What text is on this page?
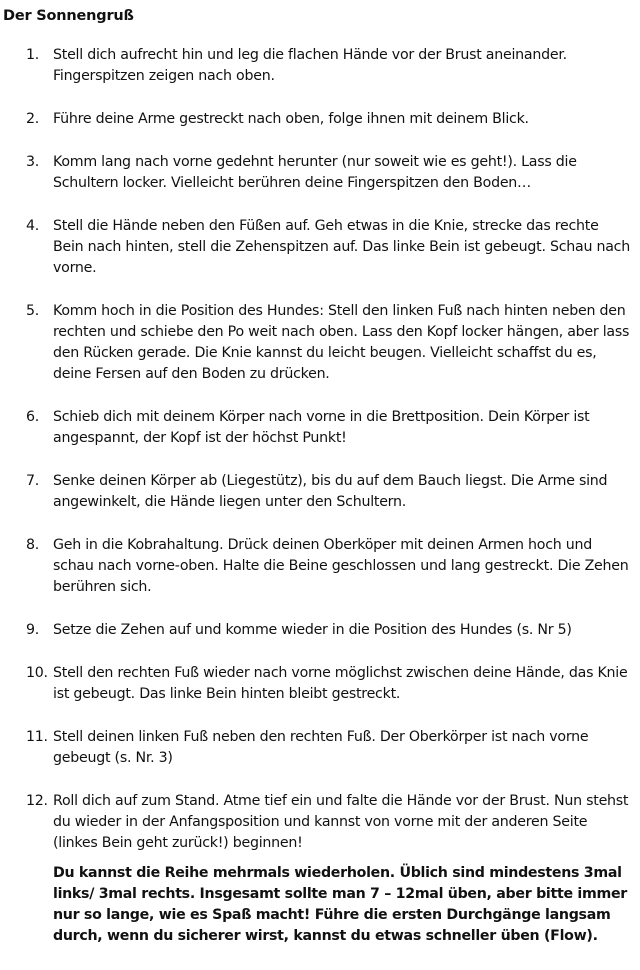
Der Sonnengruß
1. Stell dich aufrecht hin und leg die flachen Hände vor der Brust aneinander. Fingerspitzen zeigen nach oben.
2. Führe deine Arme gestreckt nach oben, folge ihnen mit deinem Blick.
3. Komm lang nach vorne gedehnt herunter (nur soweit wie es geht!). Lass die Schultern locker. Vielleicht berühren deine Fingerspitzen den Boden…
4. Stell die Hände neben den Füßen auf. Geh etwas in die Knie, strecke das rechte Bein nach hinten, stell die Zehenspitzen auf. Das linke Bein ist gebeugt. Schau nach vorne.
5. Komm hoch in die Position des Hundes: Stell den linken Fuß nach hinten neben den rechten und schiebe den Po weit nach oben. Lass den Kopf locker hängen, aber lass den Rücken gerade. Die Knie kannst du leicht beugen. Vielleicht schaffst du es, deine Fersen auf den Boden zu drücken.
6. Schieb dich mit deinem Körper nach vorne in die Brettposition. Dein Körper ist angespannt, der Kopf ist der höchst Punkt!
7. Senke deinen Körper ab (Liegestütz), bis du auf dem Bauch liegst. Die Arme sind angewinkelt, die Hände liegen unter den Schultern.
8. Geh in die Kobrahaltung. Drück deinen Oberköper mit deinen Armen hoch und schau nach vorne-oben. Halte die Beine geschlossen und lang gestreckt. Die Zehen berühren sich.
9. Setze die Zehen auf und komme wieder in die Position des Hundes (s. Nr 5)
10. Stell den rechten Fuß wieder nach vorne möglichst zwischen deine Hände, das Knie ist gebeugt. Das linke Bein hinten bleibt gestreckt.
11. Stell deinen linken Fuß neben den rechten Fuß. Der Oberkörper ist nach vorne gebeugt (s. Nr. 3)
12. Roll dich auf zum Stand. Atme tief ein und falte die Hände vor der Brust. Nun stehst du wieder in der Anfangsposition und kannst von vorne mit der anderen Seite (linkes Bein geht zurück!) beginnen!

Du kannst die Reihe mehrmals wiederholen. Üblich sind mindestens 3mal links/ 3mal rechts. Insgesamt sollte man 7 – 12mal üben, aber bitte immer nur so lange, wie es Spaß macht! Führe die ersten Durchgänge langsam durch, wenn du sicherer wirst, kannst du etwas schneller üben (Flow).
